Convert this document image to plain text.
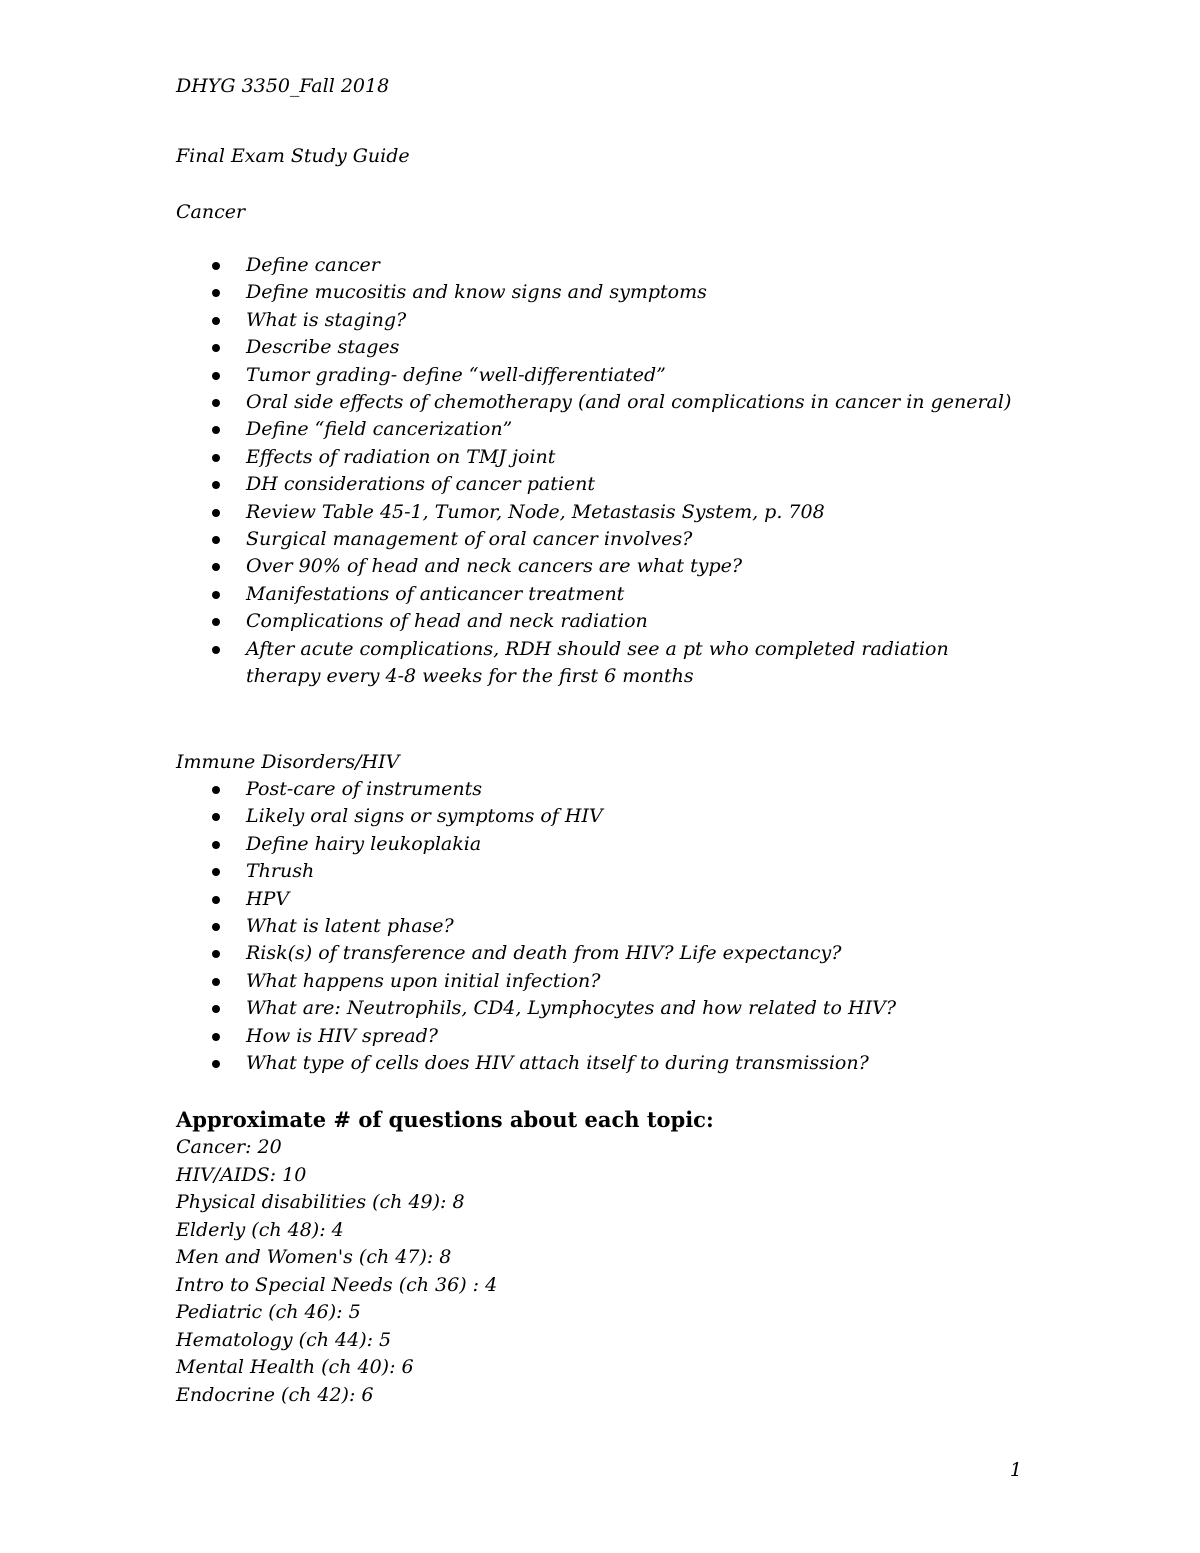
DHYG 3350_Fall 2018
Final Exam Study Guide
Cancer
Define cancer
Define mucositis and know signs and symptoms
What is staging?
Describe stages
Tumor grading- define “well-differentiated”
Oral side effects of chemotherapy (and oral complications in cancer in general)
Define “field cancerization”
Effects of radiation on TMJ joint
DH considerations of cancer patient
Review Table 45-1, Tumor, Node, Metastasis System, p. 708
Surgical management of oral cancer involves?
Over 90% of head and neck cancers are what type?
Manifestations of anticancer treatment
Complications of head and neck radiation
After acute complications, RDH should see a pt who completed radiation
therapy every 4-8 weeks for the first 6 months
Immune Disorders/HIV
Post-care of instruments
Likely oral signs or symptoms of HIV
Define hairy leukoplakia
Thrush
HPV
What is latent phase?
Risk(s) of transference and death from HIV? Life expectancy?
What happens upon initial infection?
What are: Neutrophils, CD4, Lymphocytes and how related to HIV?
How is HIV spread?
What type of cells does HIV attach itself to during transmission?
Approximate # of questions about each topic:
Cancer: 20
HIV/AIDS: 10
Physical disabilities (ch 49): 8
Elderly (ch 48): 4
Men and Women's (ch 47): 8
Intro to Special Needs (ch 36) : 4
Pediatric (ch 46): 5
Hematology (ch 44): 5
Mental Health (ch 40): 6
Endocrine (ch 42): 6
1
